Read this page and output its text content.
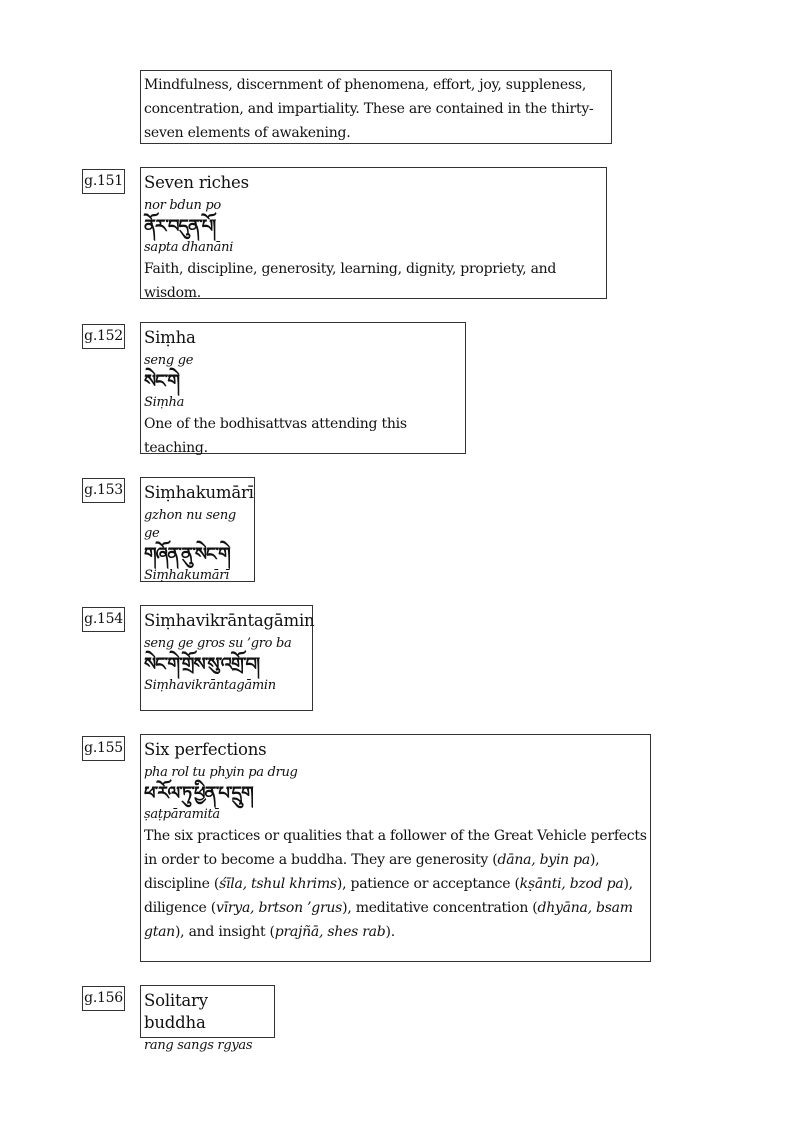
Mindfulness, discernment of phenomena, effort, joy, suppleness, concentration, and impartiality. These are contained in the thirty-seven elements of awakening.
g.151 Seven riches
nor bdun po
ནོར་བདུན་པོ།
sapta dhanāni
Faith, discipline, generosity, learning, dignity, propriety, and wisdom.
g.152 Siṃha
seng ge
སེང་གེ
Siṃha
One of the bodhisattvas attending this teaching.
g.153 Siṃhakumārī
gzhon nu seng ge
གཞོན་ནུ་སེང་གེ
Siṃhakumārī
g.154 Siṃhavikrāntagāmin
seng ge gros su ’gro ba
སེང་གེ་གྲོས་སུ་འགྲོ་བ།
Siṃhavikrāntagāmin
g.155 Six perfections
pha rol tu phyin pa drug
ཕ་རོལ་ཏུ་ཕྱིན་པ་དྲུག
ṣaṭpāramitā
The six practices or qualities that a follower of the Great Vehicle perfects in order to become a buddha. They are generosity (dāna, byin pa), discipline (śīla, tshul khrims), patience or acceptance (kṣānti, bzod pa), diligence (vīrya, brtson ’grus), meditative concentration (dhyāna, bsam gtan), and insight (prajñā, shes rab).
g.156 Solitary buddha
rang sangs rgyas
